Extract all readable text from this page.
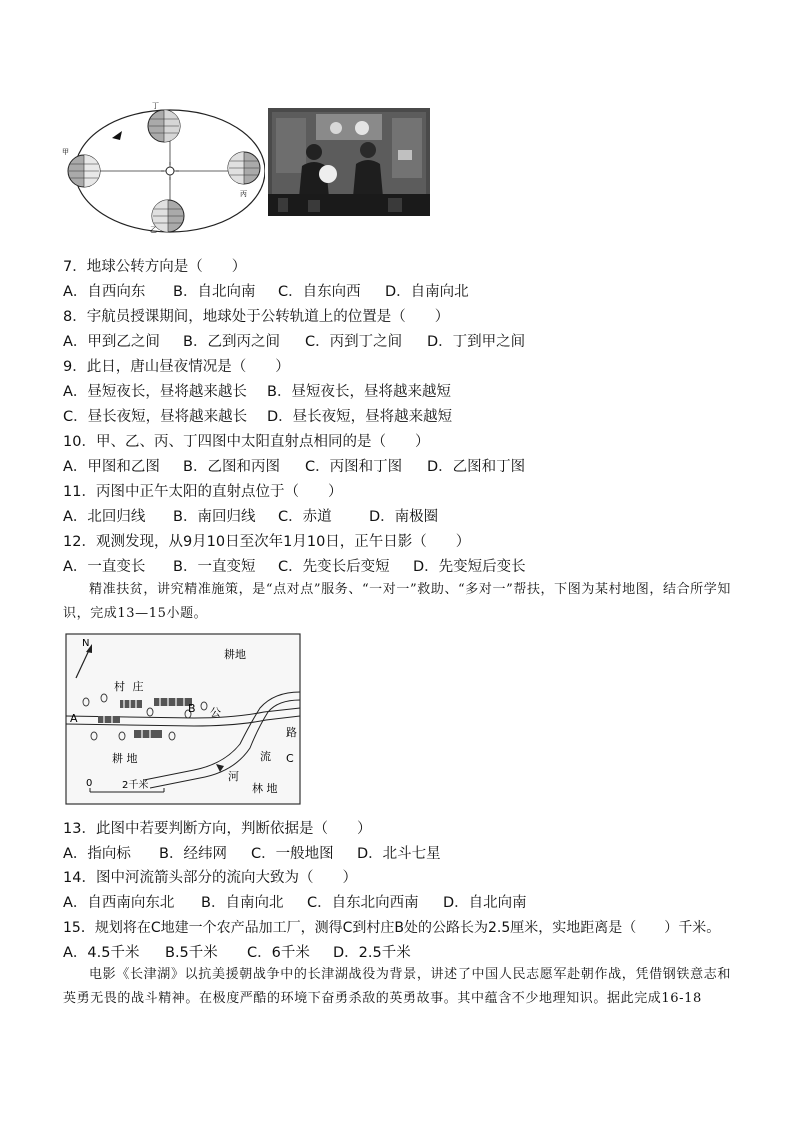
甲
丁
丙
乙
7．地球公转方向是（　　）
A．自西向东 B．自北向南 C．自东向西 D．自南向北
8．宇航员授课期间，地球处于公转轨道上的位置是（　　）
A．甲到乙之间 B．乙到丙之间 C．丙到丁之间 D．丁到甲之间
9．此日，唐山昼夜情况是（　　）
A．昼短夜长，昼将越来越长 B．昼短夜长，昼将越来越短
C．昼长夜短，昼将越来越长 D．昼长夜短，昼将越来越短
10．甲、乙、丙、丁四图中太阳直射点相同的是（　　）
A．甲图和乙图 B．乙图和丙图 C．丙图和丁图 D．乙图和丁图
11．丙图中正午太阳的直射点位于（　　）
A．北回归线 B．南回归线 C．赤道	D．南极圈
12．观测发现，从9月10日至次年1月10日，正午日影（　　）
A．一直变长 B．一直变短 C．先变长后变短 D．先变短后变长
精准扶贫，讲究精准施策，是“点对点”服务、“一对一”救助、“多对一”帮扶，下图为某村地图，结合所学知识，完成13—15小题。
N
耕地
村 庄
A
B 公
路
流 C
河
耕 地
林 地
0	2千米
13．此图中若要判断方向，判断依据是（　　）
A．指向标 B．经纬网 C．一般地图 D．北斗七星
14．图中河流箭头部分的流向大致为（　　）
A．自西南向东北 B．自南向北 C．自东北向西南 D．自北向南
15．规划将在C地建一个农产品加工厂，测得C到村庄B处的公路长为2.5厘米，实地距离是（　　）千米。
A．4.5千米 B.5千米 C．6千米 D．2.5千米
电影《长津湖》以抗美援朝战争中的长津湖战役为背景，讲述了中国人民志愿军赴朝作战，凭借钢铁意志和英勇无畏的战斗精神。在极度严酷的环境下奋勇杀敌的英勇故事。其中蕴含不少地理知识。据此完成16-18
